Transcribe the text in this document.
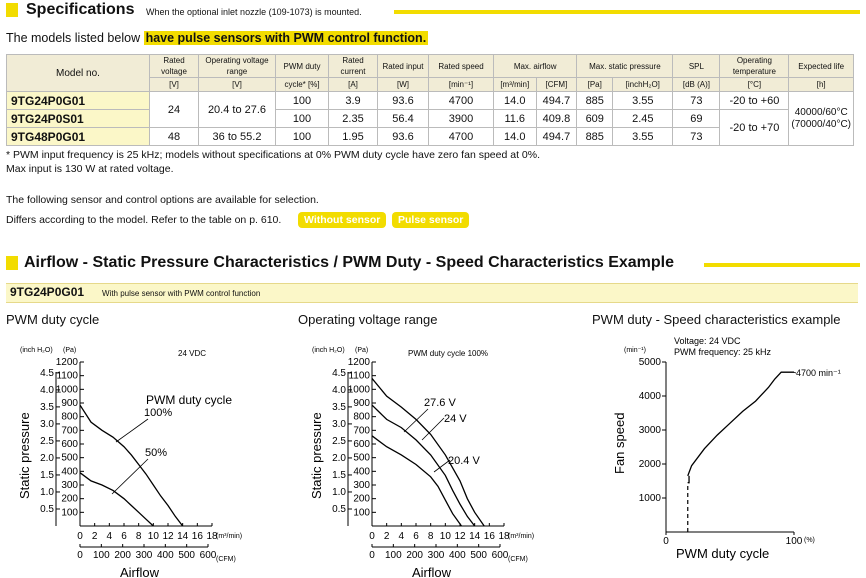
Specifications When the optional inlet nozzle (109-1073) is mounted.
The models listed below have pulse sensors with PWM control function.
Model no.	Rated voltage	Operating voltage range	PWM duty	Rated current	Rated input	Rated speed	Max. airflow		Max. static pressure		SPL	Operating temperature	Expected life
	[V]	[V]	cycle* [%]	[A]	[W]	[min⁻¹]	[m³/min]	[CFM]	[Pa]	[inchH₂O]	[dB (A)]	[°C]	[h]
9TG24P0G01	24	20.4 to 27.6	100	3.9	93.6	4700	14.0	494.7	885	3.55	73	-20 to +60	40000/60°C
(70000/40°C)
9TG24P0S01			100	2.35	56.4	3900	11.6	409.8	609	2.45	69	-20 to +70	
9TG48P0G01	48	36 to 55.2	100	1.95	93.6	4700	14.0	494.7	885	3.55	73		
* PWM input frequency is 25 kHz; models without specifications at 0% PWM duty cycle have zero fan speed at 0%.
Max input is 130 W at rated voltage.
The following sensor and control options are available for selection.
Differs according to the model. Refer to the table on p. 610.	Without sensor	Pulse sensor
Airflow - Static Pressure Characteristics / PWM Duty - Speed Characteristics Example
9TG24P0G01 With pulse sensor with PWM control function
PWM duty cycle
(inch H₂O) (Pa)	24 VDC
100
200
300
400
500
600
700
800
900
1000
1100
1200
0.5
1.0
1.5
2.0
2.5
3.0
3.5
4.0
4.5
0 2 4 6 8 10 12 14 16 18
0 100 200 300 400 500 600
PWM duty cycle
100%
50%
(m³/min)
(CFM)
Airflow
Static pressure
Operating voltage range
(inch H₂O) (Pa)	PWM duty cycle 100%
100
200
300
400
500
600
700
800
900
1000
1100
1200
0.5
1.0
1.5
2.0
2.5
3.0
3.5
4.0
4.5
0 2 4 6 8 10 12 14 16 18
0 100 200 300 400 500 600
27.6 V
24 V
20.4 V
(m³/min)
(CFM)
Airflow
Static pressure
PWM duty - Speed characteristics example
Voltage: 24 VDC
PWM frequency: 25 kHz
(min⁻¹)
1000
2000
3000
4000
5000
0	100
4700 min⁻¹
(%)
PWM duty cycle
Fan speed
